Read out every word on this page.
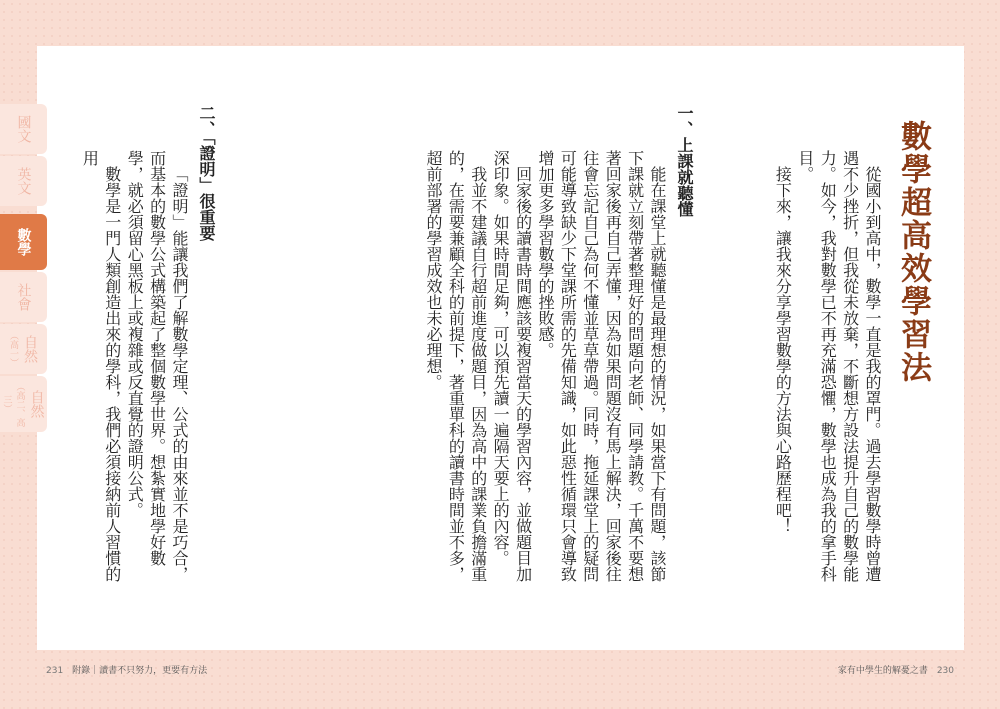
數學超高效學習法

從國小到高中，數學一直是我的罩門。過去學習數學時曾遭遇不少挫折，但我從未放棄，不斷想方設法提升自己的數學能力。如今，我對數學已不再充滿恐懼，數學也成為我的拿手科目。

接下來，讓我來分享學習數學的方法與心路歷程吧！

一、上課就聽懂

能在課堂上就聽懂是最理想的情況，如果當下有問題，該節下課就立刻帶著整理好的問題向老師、同學請教。千萬不要想著回家後再自己弄懂，因為如果問題沒有馬上解決，回家後往往會忘記自己為何不懂並草草帶過。同時，拖延課堂上的疑問可能導致缺少下堂課所需的先備知識，如此惡性循環只會導致增加更多學習數學的挫敗感。

回家後的讀書時間應該要複習當天的學習內容，並做題目加深印象。如果時間足夠，可以預先讀一遍隔天要上的內容。

我並不建議自行超前進度做題目，因為高中的課業負擔滿重的，在需要兼顧全科的前提下，著重單科的讀書時間並不多，超前部署的學習成效也未必理想。

二、「證明」很重要

「證明」能讓我們了解數學定理、公式的由來並不是巧合，而基本的數學公式構築起了整個數學世界。想紮實地學好數學，就必須留心黑板上或複雜或反直覺的證明公式。

數學是一門人類創造出來的學科，我們必須接納前人習慣的用

國文
英文
數學
社會
自然
（高一）
自然
（高二、高三）
231 附錄｜讀書不只努力，更要有方法	家有中學生的解憂之書 230
